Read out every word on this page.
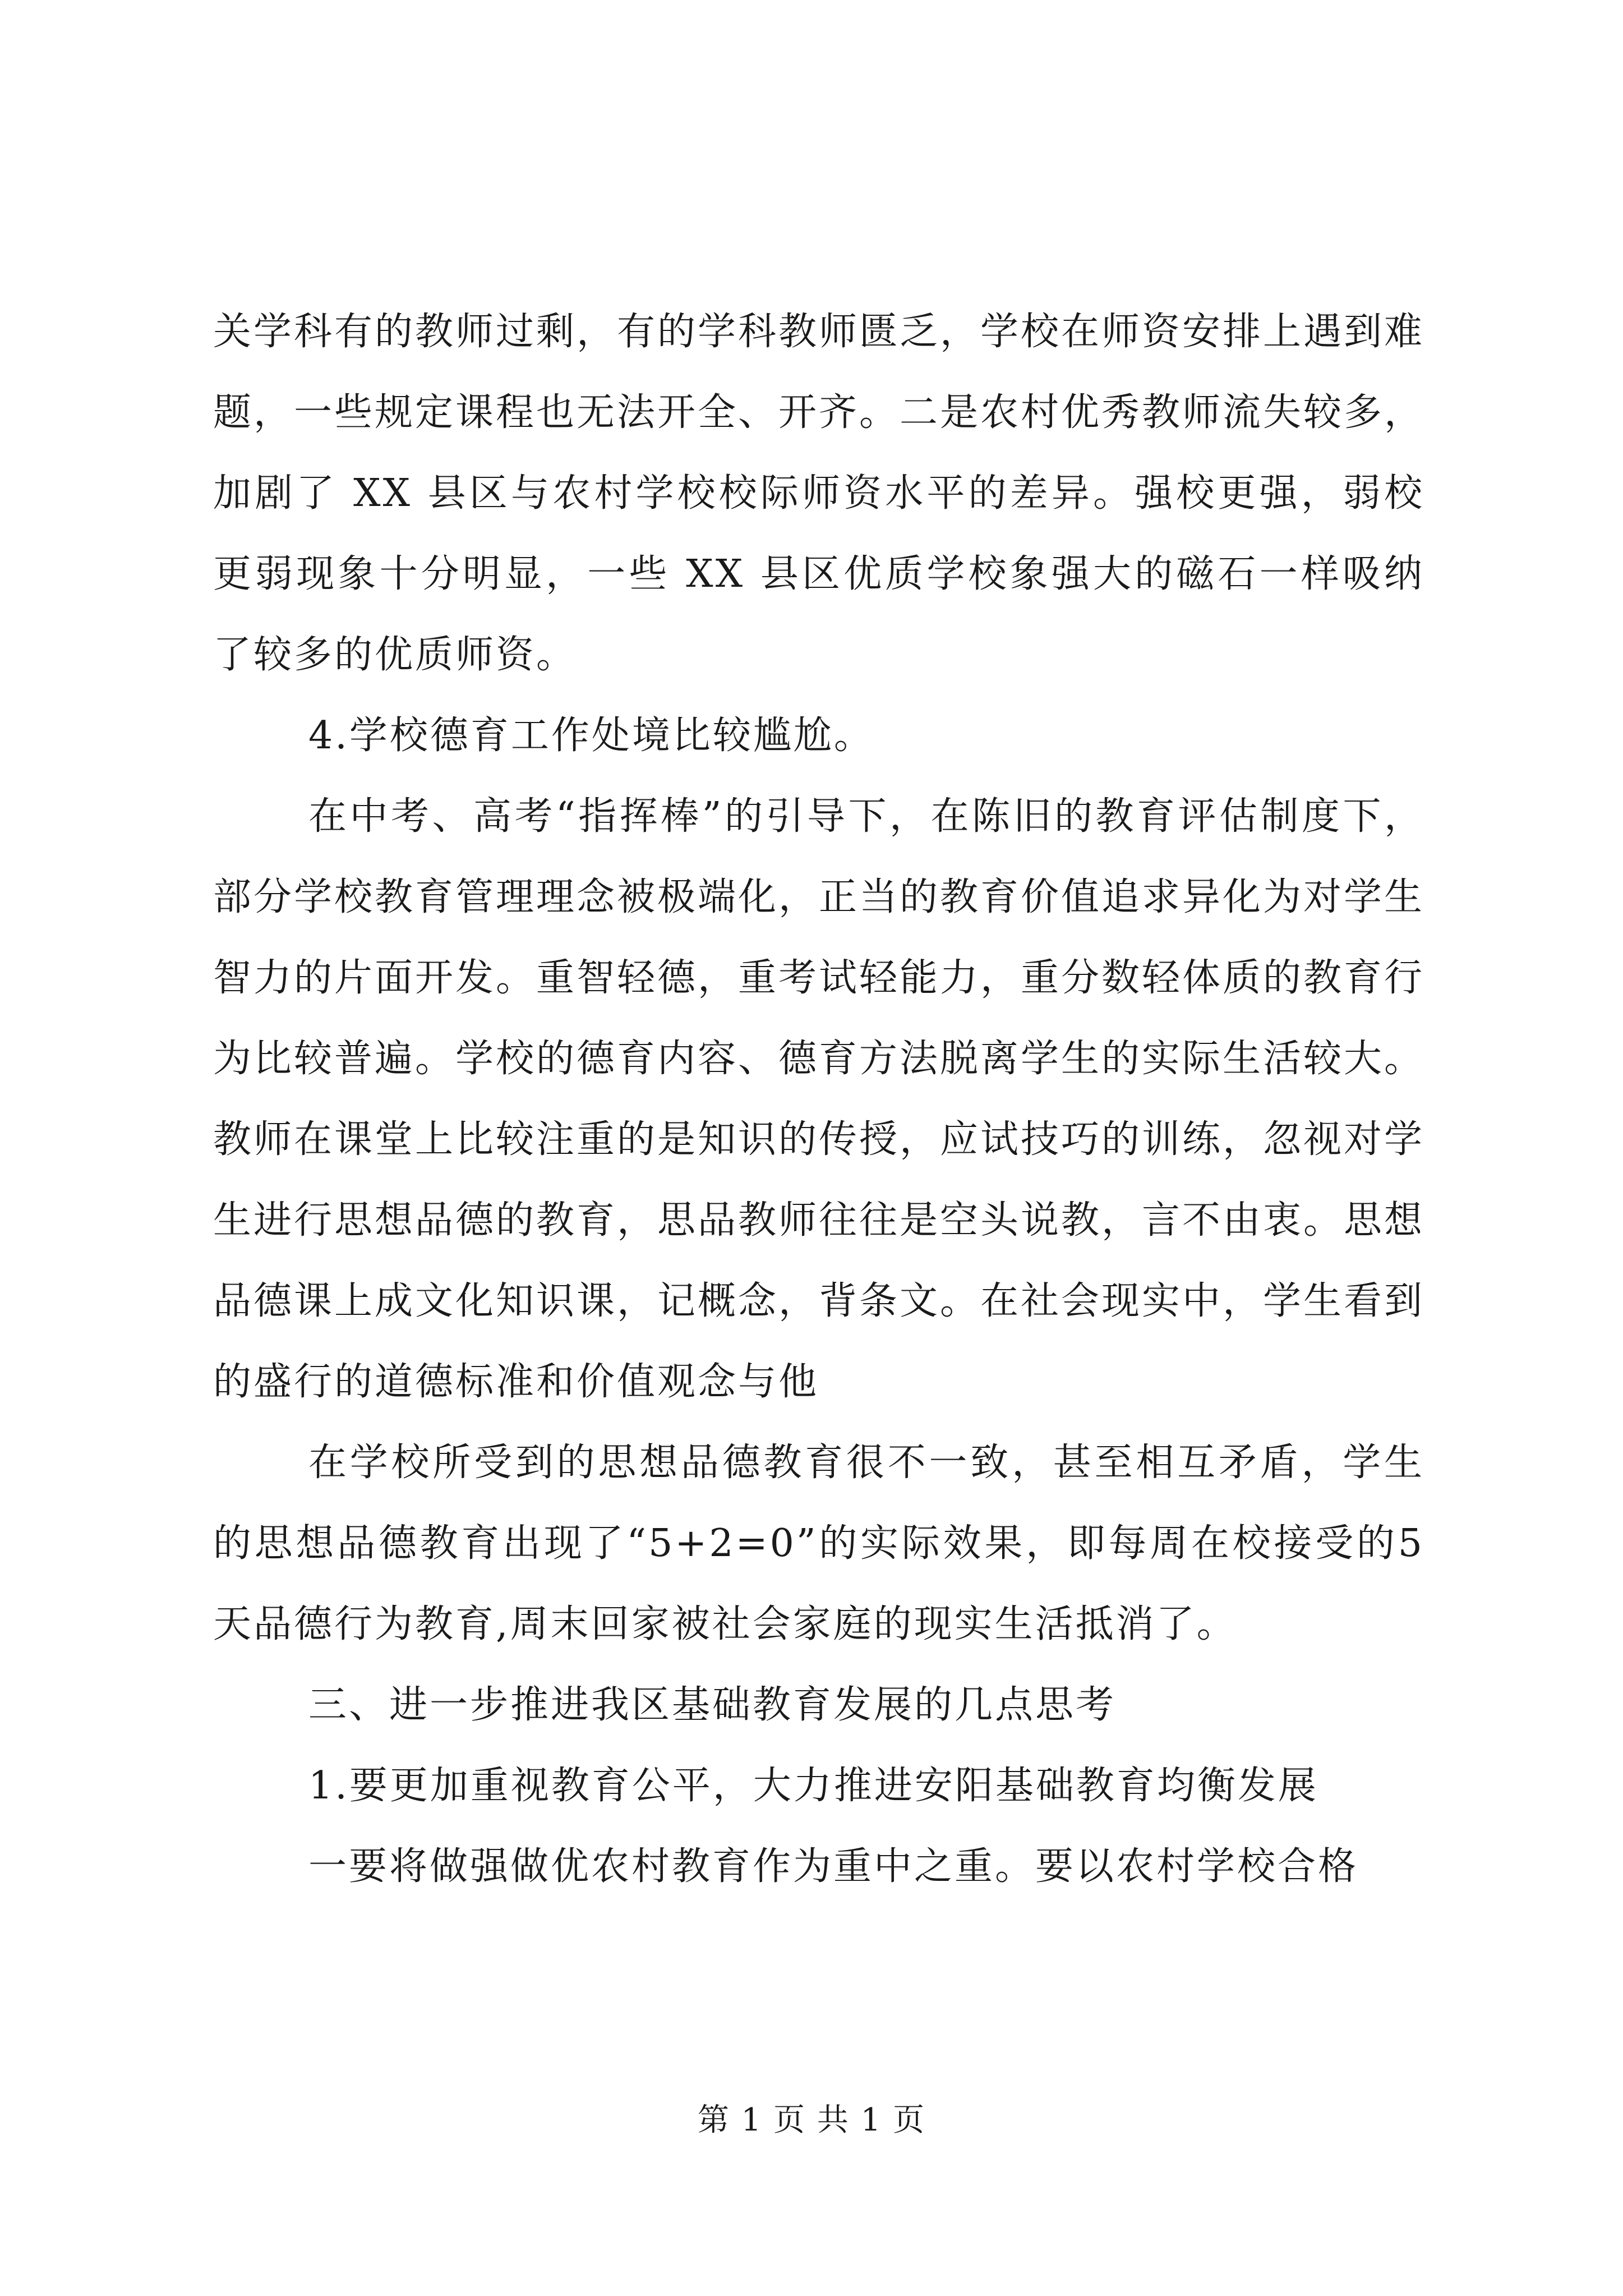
关学科有的教师过剩，有的学科教师匮乏，学校在师资安排上遇到难题，一些规定课程也无法开全、开齐。二是农村优秀教师流失较多，加剧了 XX 县区与农村学校校际师资水平的差异。强校更强，弱校更弱现象十分明显，一些 XX 县区优质学校象强大的磁石一样吸纳了较多的优质师资。

4.学校德育工作处境比较尴尬。

在中考、高考“指挥棒”的引导下，在陈旧的教育评估制度下，部分学校教育管理理念被极端化，正当的教育价值追求异化为对学生智力的片面开发。重智轻德，重考试轻能力，重分数轻体质的教育行为比较普遍。学校的德育内容、德育方法脱离学生的实际生活较大。教师在课堂上比较注重的是知识的传授，应试技巧的训练，忽视对学生进行思想品德的教育，思品教师往往是空头说教，言不由衷。思想品德课上成文化知识课，记概念，背条文。在社会现实中，学生看到的盛行的道德标准和价值观念与他

在学校所受到的思想品德教育很不一致，甚至相互矛盾，学生的思想品德教育出现了“5+2=0”的实际效果，即每周在校接受的5天品德行为教育,周末回家被社会家庭的现实生活抵消了。

三、进一步推进我区基础教育发展的几点思考

1.要更加重视教育公平，大力推进安阳基础教育均衡发展

一要将做强做优农村教育作为重中之重。要以农村学校合格

第 1 页 共 1 页
